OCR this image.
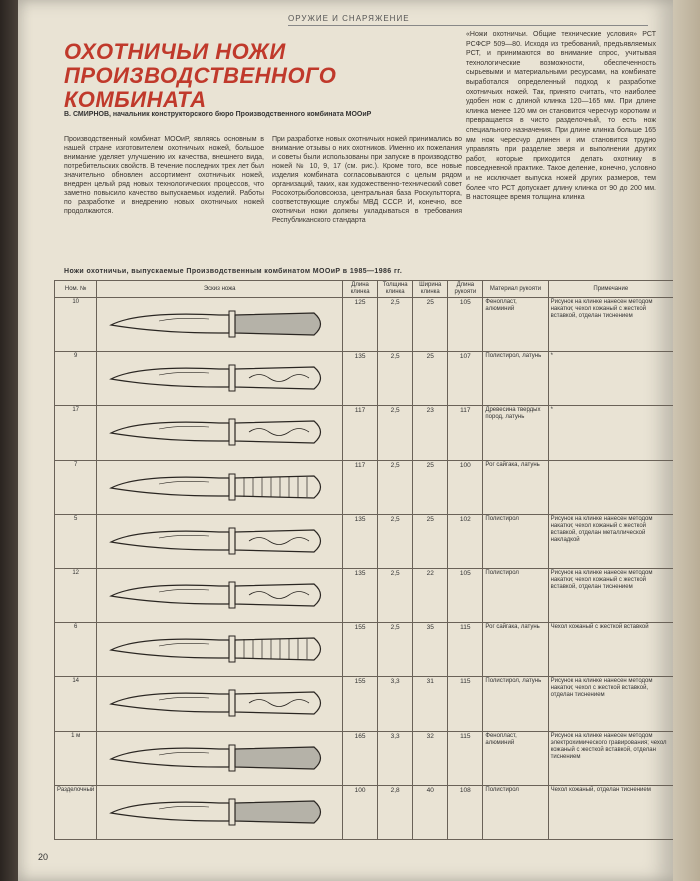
ОРУЖИЕ И СНАРЯЖЕНИЕ
ОХОТНИЧЬИ НОЖИ ПРОИЗВОДСТВЕННОГО КОМБИНАТА
В. СМИРНОВ, начальник конструкторского бюро Производственного комбината МООиР
Производственный комбинат МООиР, являясь основным в нашей стране изготовителем охотничьих ножей, большое внимание уделяет улучшению их качества, внешнего вида, потребительских свойств. В течение последних трех лет был значительно обновлен ассортимент охотничьих ножей, внедрен целый ряд новых технологических процессов, что заметно повысило качество выпускаемых изделий. Работы по разработке и внедрению новых охотничьих ножей продолжаются.
При разработке новых охотничьих ножей принимались во внимание отзывы о них охотников. Именно их пожелания и советы были использованы при запуске в производство ножей № 10, 9, 17 (см. рис.). Кроме того, все новые изделия комбината согласовываются с целым рядом организаций, таких, как художественно-технический совет Росохотрыболовсоюза, центральная база Роскультторга, соответствующие службы МВД СССР. И, конечно, все охотничьи ножи должны укладываться в требования Республиканского стандарта
«Ножи охотничьи. Общие технические условия» РСТ РСФСР 509—80. Исходя из требований, предъявляемых РСТ, и принимаются во внимание спрос, учитывая технологические возможности, обеспеченность сырьевыми и материальными ресурсами, на комбинате выработался определенный подход к разработке охотничьих ножей. Так, принято считать, что наиболее удобен нож с длиной клинка 120—165 мм. При длине клинка менее 120 мм он становится чересчур коротким и превращается в чисто разделочный, то есть нож специального назначения. При длине клинка больше 165 мм нож чересчур длинен и им становится трудно управлять при разделке зверя и выполнении других работ, которые приходится делать охотнику в повседневной практике. Такое деление, конечно, условно и не исключает выпуска ножей других размеров, тем более что РСТ допускает длину клинка от 90 до 200 мм. В настоящее время толщина клинка
Ножи охотничьи, выпускаемые Производственным комбинатом МООиР в 1985—1986 гг.
Ном. №	Эскиз ножа	Длина клинка	Толщина клинка	Ширина клинка	Длина рукояти	Материал рукояти	Примечание
10		125	2,5	25	105	Фенопласт, алюминий	Рисунок на клинке нанесен методом накатки; чехол кожаный с жесткой вставкой, отделан тиснением
9		135	2,5	25	107	Полистирол, латунь	*
17		117	2,5	23	117	Древесина твердых пород, латунь	*
7		117	2,5	25	100	Рог сайгака, латунь	
5		135	2,5	25	102	Полистирол	Рисунок на клинке нанесен методом накатки; чехол кожаный с жесткой вставкой, отделан металлической накладкой
12		135	2,5	22	105	Полистирол	Рисунок на клинке нанесен методом накатки; чехол кожаный с жесткой вставкой, отделан тиснением
6		155	2,5	35	115	Рог сайгака, латунь	Чехол кожаный с жесткой вставкой
14		155	3,3	31	115	Полистирол, латунь	Рисунок на клинке нанесен методом накатки; чехол с жесткой вставкой, отделан тиснением
1 м		165	3,3	32	115	Фенопласт, алюминий	Рисунок на клинке нанесен методом электрохимического гравирования; чехол кожаный с жесткой вставкой, отделан тиснением
Разделочный		100	2,8	40	108	Полистирол	Чехол кожаный, отделан тиснением
20
